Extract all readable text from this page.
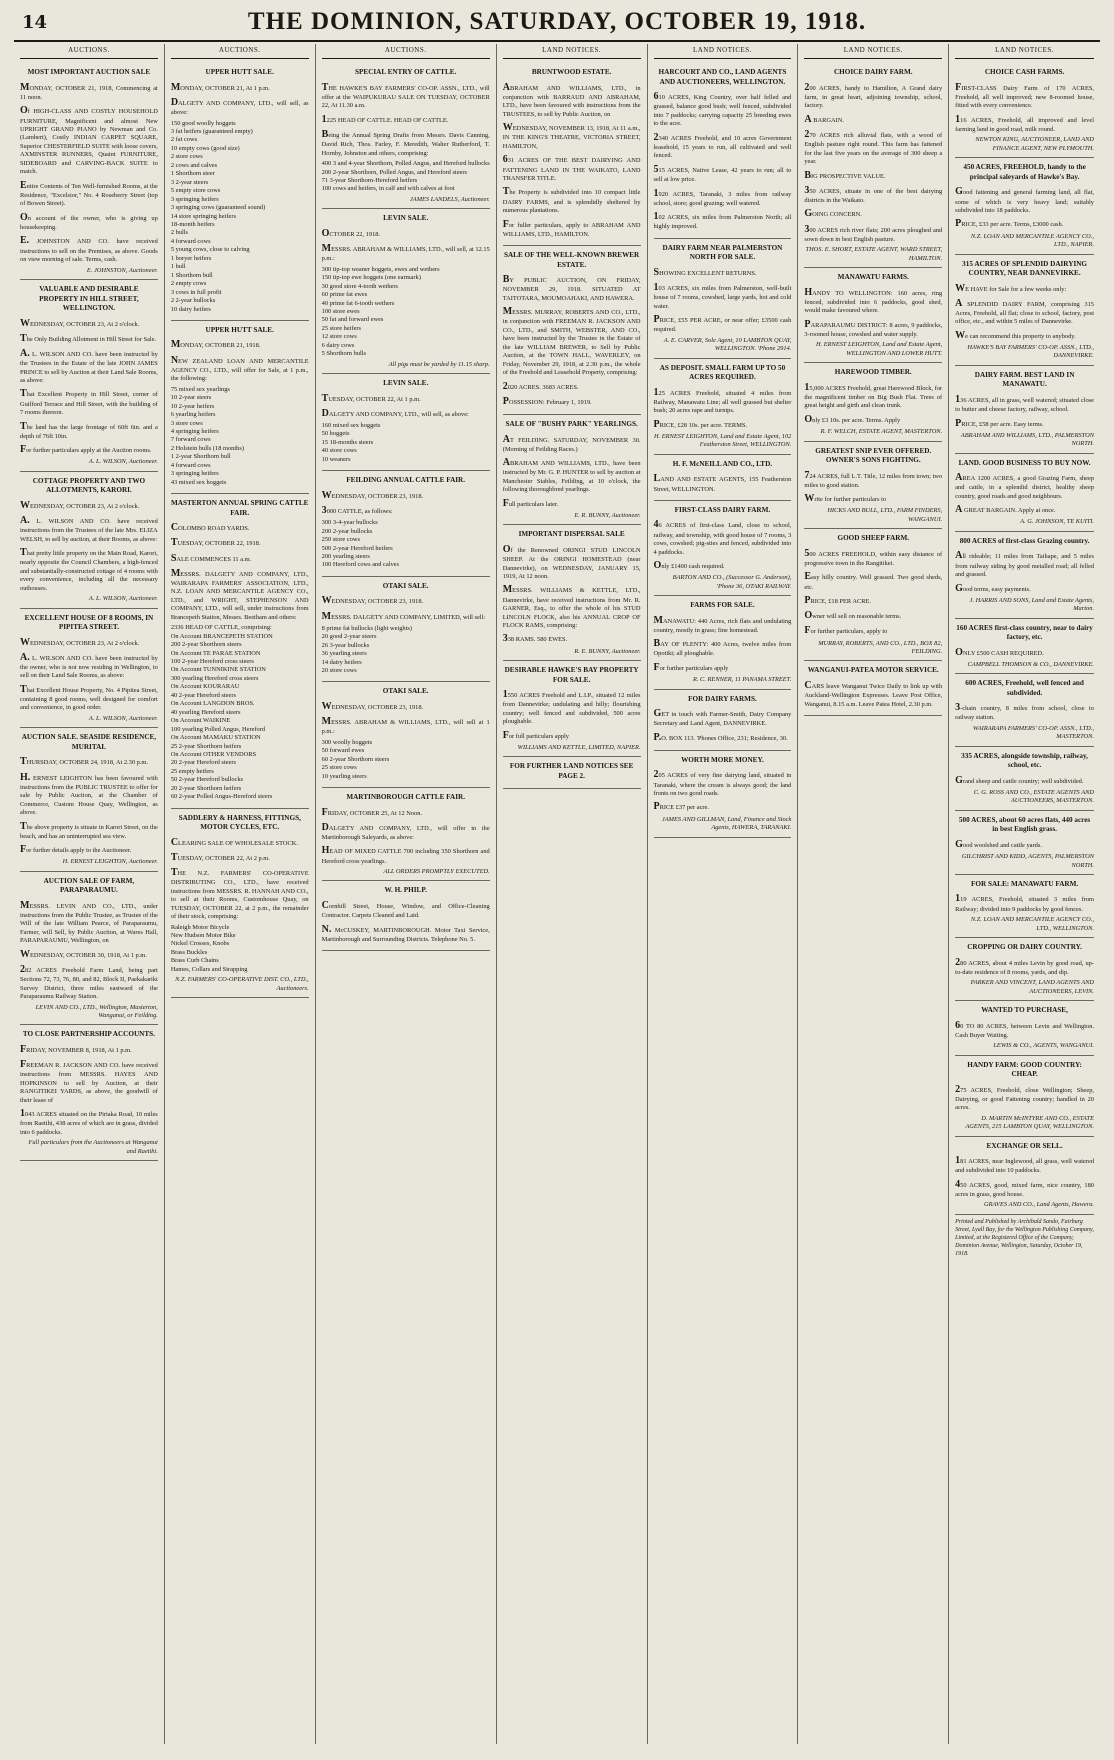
14	THE DOMINION, SATURDAY, OCTOBER 19, 1918.
AUCTIONS.
MOST IMPORTANT AUCTION SALE
MONDAY, OCTOBER 21, 1918, Commencing at 11 noon.
Of HIGH-CLASS AND COSTLY HOUSEHOLD FURNITURE, Magnificent and almost New UPRIGHT GRAND PIANO by Newman and Co. (Lambert), Costly INDIAN CARPET SQUARE, Superior CHESTERFIELD SUITE with loose covers, AXMINSTER RUNNERS, Quaint FURNITURE, SIDEBOARD and CARVING-BACK SUITE to match.
Entire Contents of Ten Well-furnished Rooms, at the Residence, "Excelsior," No. 4 Roseberry Street (top of Bowen Street).
On account of the owner, who is giving up housekeeping.
E. JOHNSTON AND CO. have received instructions to sell on the Premises, as above. Goods on view morning of sale. Terms, cash.
E. JOHNSTON, Auctioneer.
VALUABLE AND DESIRABLE PROPERTY IN HILL STREET, WELLINGTON.
WEDNESDAY, OCTOBER 23, At 2 o'clock.
The Only Building Allotment in Hill Street for Sale.
A. L. WILSON AND CO. have been instructed by the Trustees in the Estate of the late JOHN JAMES PRINCE to sell by Auction at their Land Sale Rooms, as above:
That Excellent Property in Hill Street, corner of Guilford Terrace and Hill Street, with the building of 7 rooms thereon.
The land has the large frontage of 60ft 6in. and a depth of 76ft 10in.
For further particulars apply at the Auction rooms.
A. L. WILSON, Auctioneer.
COTTAGE PROPERTY AND TWO ALLOTMENTS, KARORI.
WEDNESDAY, OCTOBER 23, At 2 o'clock.
A. L. WILSON AND CO. have received instructions from the Trustees of the late Mrs. ELIZA WELSH, to sell by auction, at their Rooms, as above:
That pretty little property on the Main Road, Karori, nearly opposite the Council Chambers, a high-fenced and substantially-constructed cottage of 4 rooms with every convenience, including all the necessary outhouses.
A. L. WILSON, Auctioneer.
EXCELLENT HOUSE OF 8 ROOMS, IN PIPITEA STREET.
WEDNESDAY, OCTOBER 23, At 2 o'clock.
A. L. WILSON AND CO. have been instructed by the owner, who is not now residing in Wellington, to sell on their Land Sale Rooms, as above:
That Excellent House Property, No. 4 Pipitea Street, containing 8 good rooms, well designed for comfort and convenience, in good order.
A. L. WILSON, Auctioneer.
AUCTION SALE. SEASIDE RESIDENCE, MURITAI.
THURSDAY, OCTOBER 24, 1918, At 2.30 p.m.
H. ERNEST LEIGHTON has been favoured with instructions from the PUBLIC TRUSTEE to offer for sale by Public Auction, at the Chamber of Commerce, Custom House Quay, Wellington, as above.
The above property is situate in Karori Street, on the beach, and has an uninterrupted sea view.
For further details apply to the Auctioneer.
H. ERNEST LEIGHTON, Auctioneer.
AUCTION SALE OF FARM, PARAPARAUMU.
MESSRS. LEVIN AND CO., LTD., under instructions from the Public Trustee, as Trustee of the Will of the late William Pearce, of Paraparaumu, Farmer, will Sell, by Public Auction, at Wares Hall, PARAPARAUMU, Wellington, on
WEDNESDAY, OCTOBER 30, 1918, At 1 p.m.
282 ACRES Freehold Farm Land, being part Sections 72, 73, 76, 80, and 82, Block II, Paekakariki Survey District, three miles eastward of the Paraparaumu Railway Station.
LEVIN AND CO., LTD., Wellington, Masterton, Wanganui, or Feilding.
TO CLOSE PARTNERSHIP ACCOUNTS.
FRIDAY, NOVEMBER 8, 1918, At 1 p.m.
FREEMAN R. JACKSON AND CO. have received instructions from MESSRS. HAYES AND HOPKINSON to sell by Auction, at their RANGITIKEI YARDS, as above, the goodwill of their lease of
1043 ACRES situated on the Piriaka Road, 10 miles from Raetihi, 438 acres of which are in grass, divided into 6 paddocks.
Full particulars from the Auctioneers at Wanganui and Raetihi.
AUCTIONS.
UPPER HUTT SALE.
MONDAY, OCTOBER 21, At 1 p.m.
DALGETY AND COMPANY, LTD., will sell, as above:
150 good woolly hoggets
3 fat heifers (guaranteed empty)
2 fat cows
10 empty cows (good size)
2 store cows
2 cows and calves
1 Shorthorn steer
3 2-year steers
5 empty store cows
3 springing heifers
3 springing cows (guaranteed sound)
14 store springing heifers
18-month heifers
2 bulls
4 forward cows
5 young cows, close to calving
1 boryer heifers
1 bull
1 Shorthorn bull
2 empty cows
3 cows in full profit
2 2-year bullocks
10 dairy heifers
UPPER HUTT SALE.
MONDAY, OCTOBER 21, 1918.
NEW ZEALAND LOAN AND MERCANTILE AGENCY CO., LTD., will offer for Sale, at 1 p.m., the following:
75 mixed sex yearlings
10 2-year steers
10 2-year heifers
6 yearling heifers
3 store cows
4 springing heifers
7 forward cows
2 Holstein bulls (18 months)
1 2-year Shorthorn bull
4 forward cows
3 springing heifers
43 mixed sex hoggets
MASTERTON ANNUAL SPRING CATTLE FAIR.
COLOMBO ROAD YARDS.
TUESDAY, OCTOBER 22, 1918.
SALE COMMENCES 11 a.m.
MESSRS. DALGETY AND COMPANY, LTD., WAIRARAPA FARMERS' ASSOCIATION, LTD., N.Z. LOAN AND MERCANTILE AGENCY CO., LTD., and WRIGHT, STEPHENSON AND COMPANY, LTD., will sell, under instructions from Brancepeth Station, Messrs. Beetham and others:
2336 HEAD OF CATTLE, comprising:
On Account BRANCEPETH STATION
200 2-year Shorthorn steers
On Account TE PARAE STATION
100 2-year Hereford cross steers
On Account TUNNIKINE STATION
300 yearling Hereford cross steers
On Account KOURARAU
40 2-year Hereford steers
On Account LANGDON BROS.
40 yearling Hereford steers
On Account WAIKINE
100 yearling Polled Angus, Hereford
On Account MAMAKU STATION
25 2-year Shorthorn heifers
On Account OTHER VENDORS
20 2-year Hereford steers
25 empty heifers
50 2-year Hereford bullocks
20 2-year Shorthorn heifers
60 2-year Polled Angus-Hereford steers
SADDLERY & HARNESS, FITTINGS, MOTOR CYCLES, ETC.
CLEARING SALE OF WHOLESALE STOCK.
TUESDAY, OCTOBER 22, At 2 p.m.
THE N.Z. FARMERS' CO-OPERATIVE DISTRIBUTING CO., LTD., have received instructions from MESSRS. R. HANNAH AND CO., to sell at their Rooms, Customhouse Quay, on TUESDAY, OCTOBER 22, at 2 p.m., the remainder of their stock, comprising:
Raleigh Motor Bicycle
New Hudson Motor Bike
Nickel Crosses, Knobs
Brass Buckles
Brass Curb Chains
Hames, Collars and Strapping
N.Z. FARMERS' CO-OPERATIVE DIST. CO., LTD., Auctioneers.
AUCTIONS.
SPECIAL ENTRY OF CATTLE.
THE HAWKE'S BAY FARMERS' CO-OP. ASSN., LTD., will offer at the WAIPUKURAU SALE ON TUESDAY, OCTOBER 22, At 11.30 a.m.
1225 HEAD OF CATTLE. HEAD OF CATTLE.
Being the Annual Spring Drafts from Messrs. Davis Canning, David Rich, Thos. Farley, F. Meredith, Walter Rutherford, T. Hornby, Johnston and others, comprising:
400 3 and 4-year Shorthorn, Polled Angus, and Hereford bullocks
200 2-year Shorthorn, Polled Angus, and Hereford steers
71 3-year Shorthorn-Hereford heifers
100 cows and heifers, in calf and with calves at foot
JAMES LANDELS, Auctioneer.
LEVIN SALE.
OCTOBER 22, 1918.
MESSRS. ABRAHAM & WILLIAMS, LTD., will sell, at 12.15 p.m.:
300 tip-top weaner hoggets, ewes and wethers
150 tip-top ewe hoggets (one earmark)
30 good store 4-tooth wethers
60 prime fat ewes
40 prime fat 6-tooth wethers
100 store ewes
50 fat and forward ewes
25 store heifers
12 store cows
6 dairy cows
5 Shorthorn bulls
All pigs must be yarded by 11.15 sharp.
LEVIN SALE.
TUESDAY, OCTOBER 22, At 1 p.m.
DALGETY AND COMPANY, LTD., will sell, as above:
160 mixed sex hoggets
50 hoggets
15 18-months steers
40 store cows
10 weaners
FEILDING ANNUAL CATTLE FAIR.
WEDNESDAY, OCTOBER 23, 1918.
3000 CATTLE, as follows:
300 3-4-year bullocks
200 2-year bullocks
250 store cows
500 2-year Hereford heifers
200 yearling steers
100 Hereford cows and calves
OTAKI SALE.
WEDNESDAY, OCTOBER 23, 1918.
MESSRS. DALGETY AND COMPANY, LIMITED, will sell:
8 prime fat bullocks (light weights)
20 good 2-year steers
26 3-year bullocks
36 yearling steers
14 dairy heifers
20 store cows
OTAKI SALE.
WEDNESDAY, OCTOBER 23, 1918.
MESSRS. ABRAHAM & WILLIAMS, LTD., will sell at 1 p.m.:
300 woolly hoggets
50 forward ewes
60 2-year Shorthorn steers
25 store cows
10 yearling steers
MARTINBOROUGH CATTLE FAIR.
FRIDAY, OCTOBER 25, At 12 Noon.
DALGETY AND COMPANY, LTD., will offer in the Martinborough Saleyards, as above:
HEAD OF MIXED CATTLE 700 including 350 Shorthorn and Hereford cross yearlings.
ALL ORDERS PROMPTLY EXECUTED.
W. H. PHILP.
Cornhill Street, House, Window, and Office-Cleaning Contractor. Carpets Cleaned and Laid.
N. McCUSKEY, MARTINBOROUGH. Motor Taxi Service, Martinborough and Surrounding Districts. Telephone No. 5.
LAND NOTICES.
BRUNTWOOD ESTATE.
ABRAHAM AND WILLIAMS, LTD., in conjunction with BARRAUD AND ABRAHAM, LTD., have been favoured with instructions from the TRUSTEES, to sell by Public Auction, on
WEDNESDAY, NOVEMBER 13, 1918, At 11 a.m., IN THE KING'S THEATRE, VICTORIA STREET, HAMILTON,
631 ACRES OF THE BEST DAIRYING AND FATTENING LAND IN THE WAIKATO, LAND TRANSFER TITLE.
The Property is subdivided into 10 compact little DAIRY FARMS, and is splendidly sheltered by numerous plantations.
For fuller particulars, apply to ABRAHAM AND WILLIAMS, LTD., HAMILTON.
SALE OF THE WELL-KNOWN BREWER ESTATE.
BY PUBLIC AUCTION, ON FRIDAY, NOVEMBER 29, 1918. SITUATED AT TAITOTARA, MOUMOAHAKI, AND HAWERA.
MESSRS. MURRAY, ROBERTS AND CO., LTD., in conjunction with FREEMAN R. JACKSON AND CO., LTD., and SMITH, WEBSTER, AND CO., have been instructed by the Trustee in the Estate of the late WILLIAM BREWER, to Sell by Public Auction, at the TOWN HALL, WAVERLEY, on Friday, November 29, 1918, at 2.30 p.m., the whole of the Freehold and Leasehold Property, comprising:
2020 ACRES. 3683 ACRES.
POSSESSION: February 1, 1919.
SALE OF "BUSHY PARK" YEARLINGS.
AT FEILDING. SATURDAY, NOVEMBER 30. (Morning of Feilding Races.)
ABRAHAM AND WILLIAMS, LTD., have been instructed by Mr. G. P. HUNTER to sell by auction at Manchester Stables, Feilding, at 10 o'clock, the following thoroughbred yearlings.
Full particulars later.
E. R. BUNNY, Auctioneer.
IMPORTANT DISPERSAL SALE
Of the Renowned ORINGI STUD LINCOLN SHEEP. At the ORINGI HOMESTEAD (near Dannevirke), on WEDNESDAY, JANUARY 15, 1919, At 12 noon.
MESSRS. WILLIAMS & KETTLE, LTD., Dannevirke, have received instructions from Mr. R. GARNER, Esq., to offer the whole of his STUD LINCOLN FLOCK, also his ANNUAL CROP OF FLOCK RAMS, comprising:
338 RAMS. 580 EWES.
R. E. BUNNY, Auctioneer.
DESIRABLE HAWKE'S BAY PROPERTY FOR SALE.
1550 ACRES Freehold and L.I.P., situated 12 miles from Dannevirke; undulating and hilly; flourishing country; well fenced and subdivided, 500 acres ploughable.
For full particulars apply
WILLIAMS AND KETTLE, LIMITED, NAPIER.
FOR FURTHER LAND NOTICES SEE PAGE 2.
LAND NOTICES.
HARCOURT AND CO., LAND AGENTS AND AUCTIONEERS, WELLINGTON.
610 ACRES, King Country, over half felled and grassed, balance good bush; well fenced, subdivided into 7 paddocks; carrying capacity 25 breeding ewes to the acre.
2340 ACRES Freehold, and 10 acres Government leasehold, 15 years to run, all cultivated and well fenced.
515 ACRES, Native Lease, 42 years to run; all to sell at low price.
1920 ACRES, Taranaki, 3 miles from railway school, store; good grazing; well watered.
102 ACRES, six miles from Palmerston North; all highly improved.
DAIRY FARM NEAR PALMERSTON NORTH FOR SALE.
SHOWING EXCELLENT RETURNS.
103 ACRES, six miles from Palmerston, well-built house of 7 rooms, cowshed, large yards, hot and cold water.
PRICE, £55 PER ACRE, or near offer; £3500 cash required.
A. E. CARVER, Sole Agent, 10 LAMBTON QUAY, WELLINGTON. 'Phone 2914.
AS DEPOSIT. SMALL FARM UP TO 50 ACRES REQUIRED.
125 ACRES Freehold, situated 4 miles from Railway, Manawatu Line; all well grassed but shelter bush; 20 acres rape and turnips.
PRICE, £28 10s. per acre. TERMS.
H. ERNEST LEIGHTON, Land and Estate Agent, 102 Featherston Street, WELLINGTON.
H. F. McNEILL AND CO., LTD.
LAND AND ESTATE AGENTS, 155 Featherston Street, WELLINGTON.
FIRST-CLASS DAIRY FARM.
46 ACRES of first-class Land, close to school, railway, and township, with good house of 7 rooms, 3 cows, cowshed; pig-sties and fenced, subdivided into 4 paddocks.
Only £1400 cash required.
BARTON AND CO., (Successor G. Anderson), 'Phone 36, OTAKI RAILWAY.
FARMS FOR SALE.
MANAWATU: 440 Acres, rich flats and undulating country, mostly in grass; fine homestead.
BAY OF PLENTY: 400 Acres, twelve miles from Opotiki; all ploughable.
For further particulars apply
R. C. RENNER, 11 PANAMA STREET.
FOR DAIRY FARMS.
GET in touch with Farmer-Smith, Dairy Company Secretary and Land Agent, DANNEVIRKE.
P.O. BOX 113. 'Phones Office, 231; Residence, 30.
WORTH MORE MONEY.
205 ACRES of very fine dairying land, situated in Taranaki, where the cream is always good; the land fronts on two good roads.
PRICE £37 per acre.
JAMES AND GILLMAN, Land, Finance and Stock Agents, HAWERA, TARANAKI.
LAND NOTICES.
CHOICE DAIRY FARM.
200 ACRES, handy to Hamilton, A Grand dairy farm, in great heart, adjoining township, school, factory.
A BARGAIN.
270 ACRES rich alluvial flats, with a wood of English pasture right round. This farm has fattened for the last five years on the average of 300 sheep a year.
BIG PROSPECTIVE VALUE.
350 ACRES, situate in one of the best dairying districts in the Waikato.
GOING CONCERN.
300 ACRES rich river flats; 200 acres ploughed and sown down in best English pasture.
THOS. E. SHORT, ESTATE AGENT, WARD STREET, HAMILTON.
MANAWATU FARMS.
HANDY TO WELLINGTON: 160 acres, ring fenced, subdivided into 6 paddocks, good shed, would make favoured where.
PARAPARAUMU DISTRICT: 8 acres, 9 paddocks, 3-roomed house, cowshed and water supply.
H. ERNEST LEIGHTON, Land and Estate Agent, WELLINGTON AND LOWER HUTT.
HAREWOOD TIMBER.
15,000 ACRES Freehold, great Harewood Block, for the magnificent timber on Big Bush Flat. Trees of great height and girth and clean trunk.
Only £3 10s. per acre. Terms. Apply
R. F. WELCH, ESTATE AGENT, MASTERTON.
GREATEST SNIP EVER OFFERED. OWNER'S SONS FIGHTING.
724 ACRES, full L.T. Title, 12 miles from town; two miles to good station.
Write for further particulars to
HICKS AND BULL, LTD., FARM FINDERS, WANGANUI.
GOOD SHEEP FARM.
500 ACRES FREEHOLD, within easy distance of progressive town in the Rangitikei.
Easy hilly country. Well grassed. Two good sheds, etc.
PRICE, £18 PER ACRE.
Owner will sell on reasonable terms.
For further particulars, apply to
MURRAY, ROBERTS, AND CO., LTD., BOX 82, FEILDING.
WANGANUI-PATEA MOTOR SERVICE.
CARS leave Wanganui Twice Daily to link up with Auckland-Wellington Expresses. Leave Post Office, Wanganui, 8.15 a.m. Leave Patea Hotel, 2.30 p.m.
LAND NOTICES.
CHOICE CASH FARMS.
FIRST-CLASS Dairy Farm of 170 ACRES, Freehold, all well improved; new 8-roomed house, fitted with every convenience.
116 ACRES, Freehold, all improved and level farming land in good road, milk round.
NEWTON KING, AUCTIONEER, LAND AND FINANCE AGENT, NEW PLYMOUTH.
450 ACRES, FREEHOLD, handy to the principal saleyards of Hawke's Bay.
Good fattening and general farming land, all flat, some of which is very heavy land; suitably subdivided into 18 paddocks.
PRICE, £33 per acre. Terms, £3000 cash.
N.Z. LOAN AND MERCANTILE AGENCY CO., LTD., NAPIER.
315 ACRES OF SPLENDID DAIRYING COUNTRY, NEAR DANNEVIRKE.
WE HAVE for Sale for a few weeks only:
A SPLENDID DAIRY FARM, comprising 315 Acres, Freehold, all flat; close to school, factory, post office, etc., and within 5 miles of Dannevirke.
We can recommend this property to anybody.
HAWKE'S BAY FARMERS' CO-OP. ASSN., LTD., DANNEVIRKE.
DAIRY FARM. BEST LAND IN MANAWATU.
136 ACRES, all in grass, well watered; situated close to butter and cheese factory, railway, school.
PRICE, £58 per acre. Easy terms.
ABRAHAM AND WILLIAMS, LTD., PALMERSTON NORTH.
LAND. GOOD BUSINESS TO BUY NOW.
AREA 1200 ACRES, a good Grazing Farm, sheep and cattle, in a splendid district, healthy sheep country, good roads and good neighbours.
A GREAT BARGAIN. Apply at once.
A. G. JOHNSON, TE KUITI.
800 ACRES of first-class Grazing country.
All rideable; 11 miles from Taihape, and 5 miles from railway siding by good metalled road; all felled and grassed.
Good terms, easy payments.
J. HARRIS AND SONS, Land and Estate Agents, Marton.
160 ACRES first-class country, near to dairy factory, etc.
ONLY £500 CASH REQUIRED.
CAMPBELL THOMSON & CO., DANNEVIRKE.
600 ACRES, Freehold, well fenced and subdivided.
3-chain country, 8 miles from school, close to railway station.
WAIRARAPA FARMERS' CO-OP. ASSN., LTD., MASTERTON.
335 ACRES, alongside township, railway, school, etc.
Grand sheep and cattle country; well subdivided.
C. G. ROSS AND CO., ESTATE AGENTS AND AUCTIONEERS, MASTERTON.
500 ACRES, about 60 acres flats, 440 acres in best English grass.
Good woolshed and cattle yards.
GILCHRIST AND KIDD, AGENTS, PALMERSTON NORTH.
FOR SALE: MANAWATU FARM.
119 ACRES, Freehold, situated 3 miles from Railway; divided into 9 paddocks by good fences.
N.Z. LOAN AND MERCANTILE AGENCY CO., LTD., WELLINGTON.
CROPPING OR DAIRY COUNTRY.
280 ACRES, about 4 miles Levin by good road, up-to-date residence of 8 rooms, yards, and dip.
PARKER AND VINCENT, LAND AGENTS AND AUCTIONEERS, LEVIN.
WANTED TO PURCHASE,
60 TO 80 ACRES, between Levin and Wellington. Cash Buyer Waiting.
LEWIS & CO., AGENTS, WANGANUI.
HANDY FARM: GOOD COUNTRY: CHEAP.
275 ACRES, Freehold, close Wellington; Sheep, Dairying, or good Fattening country; handled in 20 acres.
D. MARTIN McINTYRE AND CO., ESTATE AGENTS, 215 LAMBTON QUAY, WELLINGTON.
EXCHANGE OR SELL.
181 ACRES, near Inglewood, all grass, well watered and subdivided into 10 paddocks.
450 ACRES, good, mixed farm, nice country, 180 acres in grass, good house.
GRAVES AND CO., Land Agents, Hawera.
Printed and Published by Archibald Sando, Fairburg Street, Lyall Bay, for the Wellington Publishing Company, Limited, at the Registered Office of the Company, Dominion Avenue, Wellington, Saturday, October 19, 1918.
